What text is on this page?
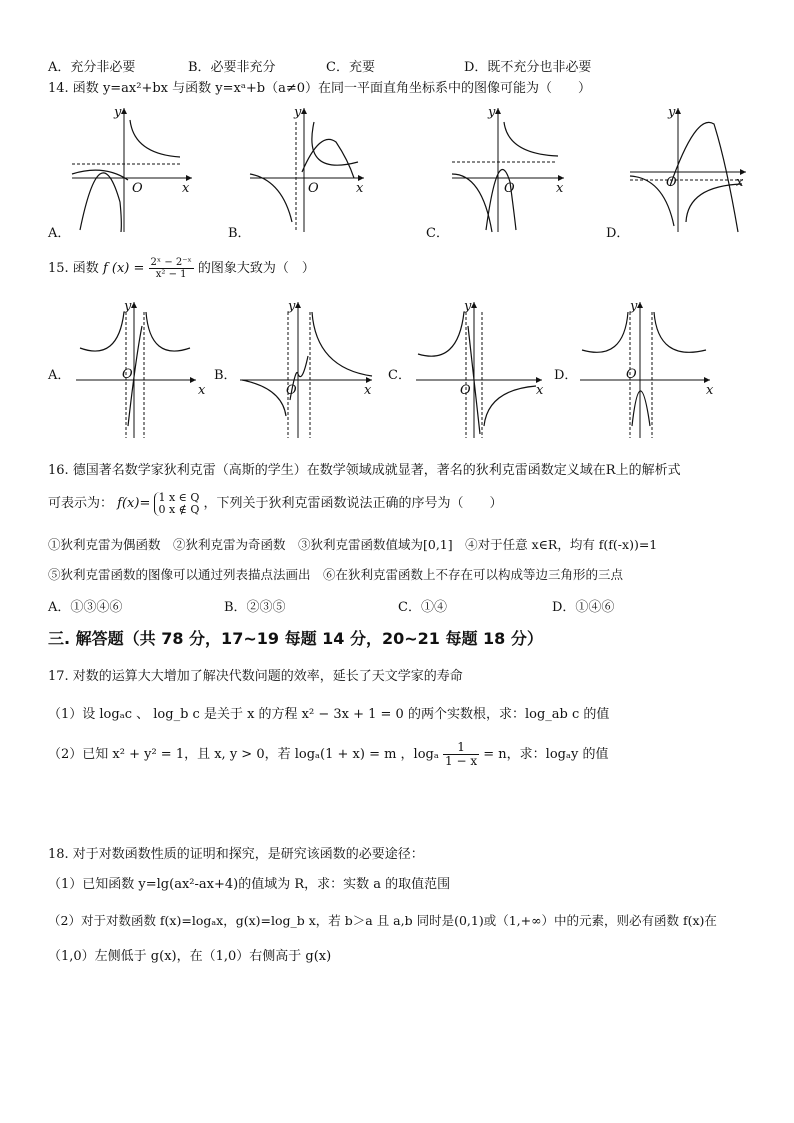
A．充分非必要	B．必要非充分	C．充要	D．既不充分也非必要
14. 函数 y=ax²+bx 与函数 y=xᵃ+b（a≠0）在同一平面直角坐标系中的图像可能为（　　）
y
x
O
A．
y
x
O
B．
y
x
O
C．
y
x
O
D．
15. 函数 f $(x) = \frac{\text{2ˣ − 2⁻ˣ}}{\text{x² − 1}}$ 的图象大致为（　）
y
x
O
A．
y
x
O
B．
y
x
O
C．
y
x
O
D．
16. 德国著名数学家狄利克雷（高斯的学生）在数学领域成就显著，著名的狄利克雷函数定义域在R上的解析式
可表示为： f(x)= 1 x ∈ Q
0 x ∉ Q ，下列关于狄利克雷函数说法正确的序号为（　　）
①狄利克雷为偶函数　②狄利克雷为奇函数　③狄利克雷函数值域为[0,1]　④对于任意 x∈R，均有 f(f(-x))=1
⑤狄利克雷函数的图像可以通过列表描点法画出　⑥在狄利克雷函数上不存在可以构成等边三角形的三点
A．①③④⑥	B．②③⑤	C．①④	D．①④⑥
三. 解答题（共 78 分，17~19 每题 14 分，20~21 每题 18 分）
17. 对数的运算大大增加了解决代数问题的效率，延长了天文学家的寿命
（1）设 logₐc 、 log_b c 是关于 x 的方程 x² − 3x + 1 = 0 的两个实数根，求：log_ab c 的值
（2）已知 x² + y² = 1，且 x, y > 0，若 logₐ(1 + x) = m ，logₐ $\frac{1}{1 - x} = n$，求：logₐy 的值
18. 对于对数函数性质的证明和探究，是研究该函数的必要途径：
（1）已知函数 y=lg(ax²-ax+4)的值域为 R，求：实数 a 的取值范围
（2）对于对数函数 f(x)=logₐx，g(x)=log_b x，若 b＞a 且 a,b 同时是(0,1)或（1,+∞）中的元素，则必有函数 f(x)在
（1,0）左侧低于 g(x)，在（1,0）右侧高于 g(x)
